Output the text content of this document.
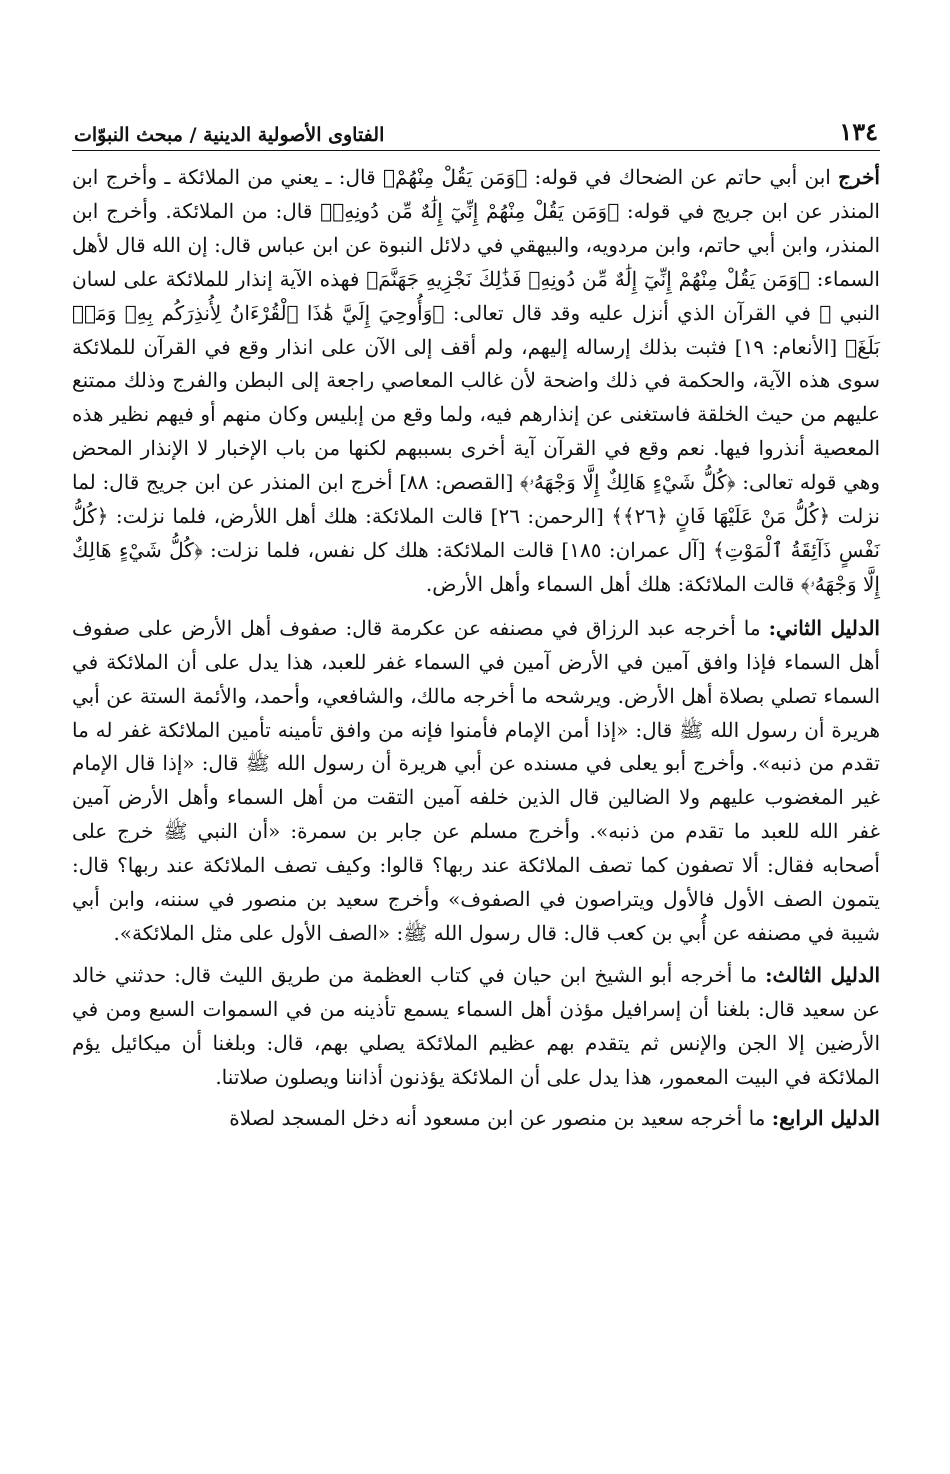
١٣٤
الفتاوى الأصولية الدينية / مبحث النبوّات

أخرج ابن أبي حاتم عن الضحاك في قوله: ﴿وَمَن يَقُلْ مِنْهُمْ﴾ قال: ـ يعني من الملائكة ـ وأخرج ابن المنذر عن ابن جريج في قوله: ﴿وَمَن يَقُلْ مِنْهُمْ إِنِّيٓ إِلَٰهٌ مِّن دُونِهِۦ﴾ قال: من الملائكة. وأخرج ابن المنذر، وابن أبي حاتم، وابن مردويه، والبيهقي في دلائل النبوة عن ابن عباس قال: إن الله قال لأهل السماء: ﴿وَمَن يَقُلْ مِنْهُمْ إِنِّيٓ إِلَٰهٌ مِّن دُونِهِۦ فَذَٰلِكَ نَجْزِيهِ جَهَنَّمَ﴾ فهذه الآية إنذار للملائكة على لسان النبي ﷺ في القرآن الذي أنزل عليه وقد قال تعالى: ﴿وَأُوحِيَ إِلَيَّ هَٰذَا ٱلْقُرْءَانُ لِأُنذِرَكُم بِهِۦ وَمَنۢ بَلَغَ﴾ [الأنعام: ١٩] فثبت بذلك إرساله إليهم، ولم أقف إلى الآن على انذار وقع في القرآن للملائكة سوى هذه الآية، والحكمة في ذلك واضحة لأن غالب المعاصي راجعة إلى البطن والفرج وذلك ممتنع عليهم من حيث الخلقة فاستغنى عن إنذارهم فيه، ولما وقع من إبليس وكان منهم أو فيهم نظير هذه المعصية أنذروا فيها. نعم وقع في القرآن آية أخرى بسببهم لكنها من باب الإخبار لا الإنذار المحض وهي قوله تعالى: ﴿كُلُّ شَيْءٍ هَالِكٌ إِلَّا وَجْهَهُۥ﴾ [القصص: ٨٨] أخرج ابن المنذر عن ابن جريج قال: لما نزلت ﴿كُلُّ مَنْ عَلَيْهَا فَانٍ ﴿٢٦﴾﴾ [الرحمن: ٢٦] قالت الملائكة: هلك أهل اللأرض، فلما نزلت: ﴿كُلُّ نَفْسٍ ذَآئِقَةُ ٱلْمَوْتِ﴾ [آل عمران: ١٨٥] قالت الملائكة: هلك كل نفس، فلما نزلت: ﴿كُلُّ شَيْءٍ هَالِكٌ إِلَّا وَجْهَهُۥ﴾ قالت الملائكة: هلك أهل السماء وأهل الأرض.

الدليل الثاني: ما أخرجه عبد الرزاق في مصنفه عن عكرمة قال: صفوف أهل الأرض على صفوف أهل السماء فإذا وافق آمين في الأرض آمين في السماء غفر للعبد، هذا يدل على أن الملائكة في السماء تصلي بصلاة أهل الأرض. ويرشحه ما أخرجه مالك، والشافعي، وأحمد، والأئمة الستة عن أبي هريرة أن رسول الله ﷺ قال: «إذا أمن الإمام فأمنوا فإنه من وافق تأمينه تأمين الملائكة غفر له ما تقدم من ذنبه». وأخرج أبو يعلى في مسنده عن أبي هريرة أن رسول الله ﷺ قال: «إذا قال الإمام غير المغضوب عليهم ولا الضالين قال الذين خلفه آمين التقت من أهل السماء وأهل الأرض آمين غفر الله للعبد ما تقدم من ذنبه». وأخرج مسلم عن جابر بن سمرة: «أن النبي ﷺ خرج على أصحابه فقال: ألا تصفون كما تصف الملائكة عند ربها؟ قالوا: وكيف تصف الملائكة عند ربها؟ قال: يتمون الصف الأول فالأول ويتراصون في الصفوف» وأخرج سعيد بن منصور في سننه، وابن أبي شيبة في مصنفه عن أُبي بن كعب قال: قال رسول الله ﷺ: «الصف الأول على مثل الملائكة».

الدليل الثالث: ما أخرجه أبو الشيخ ابن حيان في كتاب العظمة من طريق الليث قال: حدثني خالد عن سعيد قال: بلغنا أن إسرافيل مؤذن أهل السماء يسمع تأذينه من في السموات السبع ومن في الأرضين إلا الجن والإنس ثم يتقدم بهم عظيم الملائكة يصلي بهم، قال: وبلغنا أن ميكائيل يؤم الملائكة في البيت المعمور، هذا يدل على أن الملائكة يؤذنون أذاننا ويصلون صلاتنا.

الدليل الرابع: ما أخرجه سعيد بن منصور عن ابن مسعود أنه دخل المسجد لصلاة
